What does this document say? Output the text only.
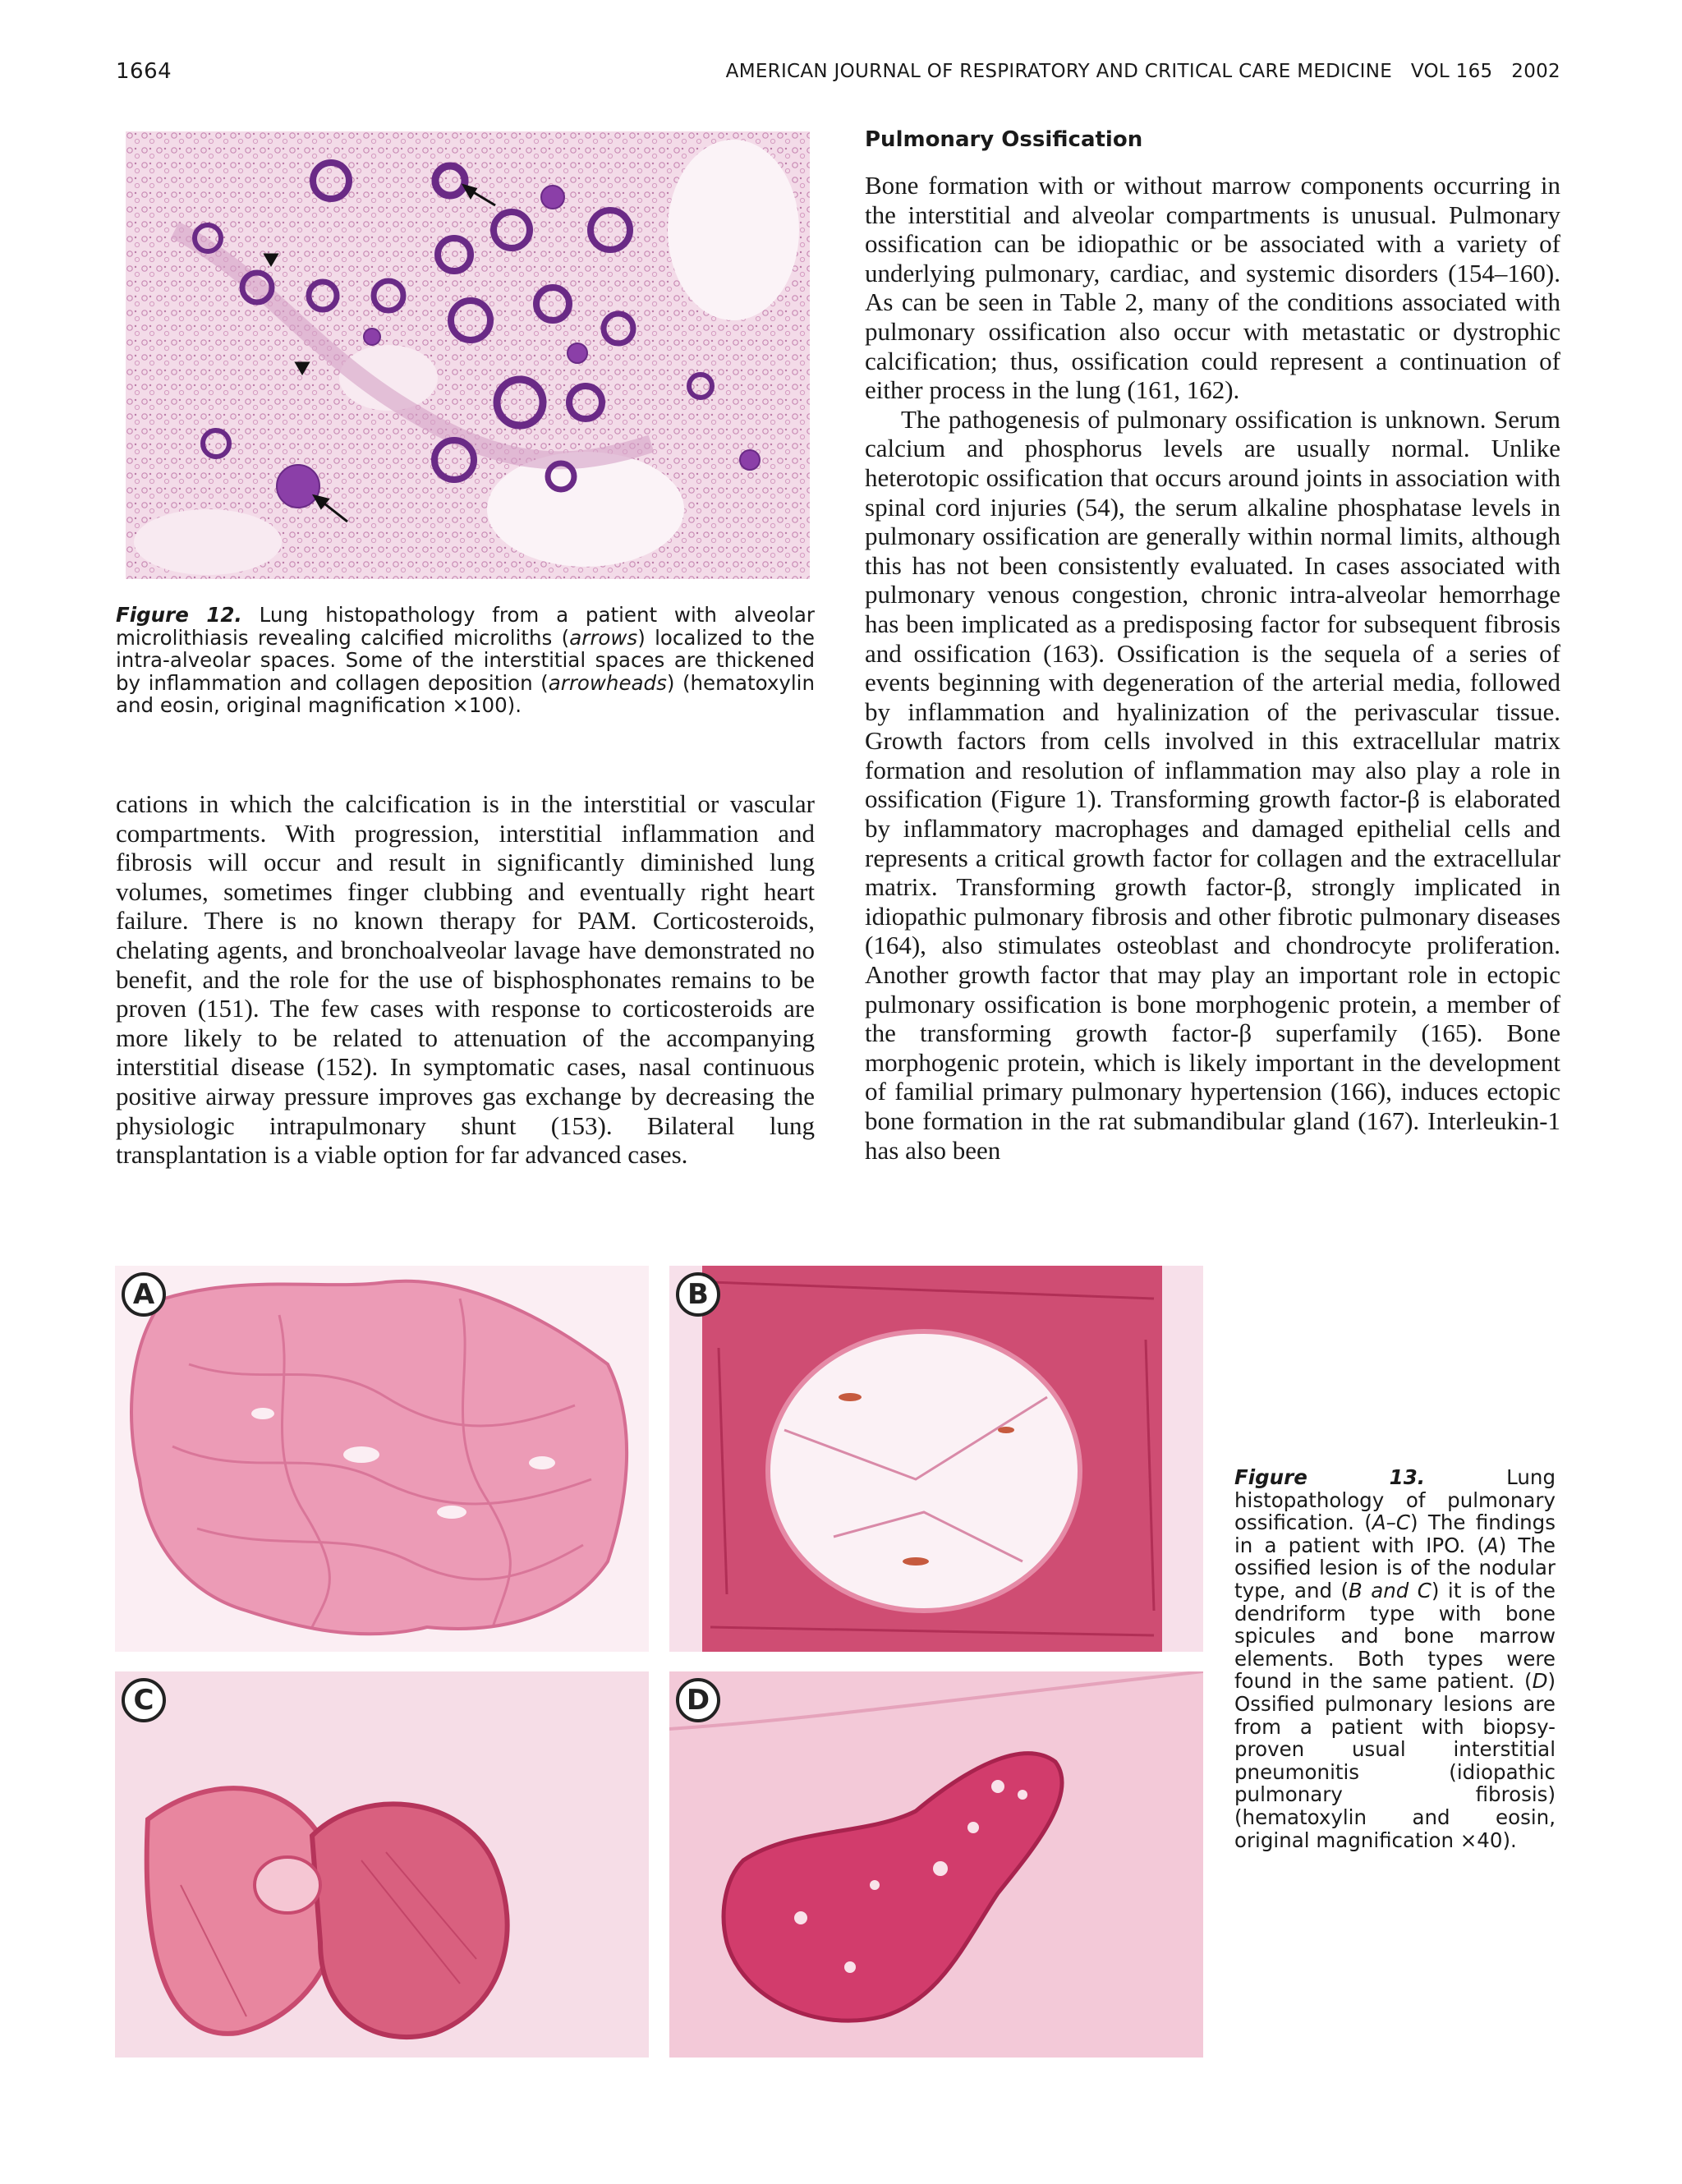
1664	AMERICAN JOURNAL OF RESPIRATORY AND CRITICAL CARE MEDICINE   VOL 165   2002
Figure 12. Lung histopathology from a patient with alveolar microlithiasis revealing calcified microliths (arrows) localized to the intra-alveolar spaces. Some of the interstitial spaces are thickened by inflammation and collagen deposition (arrowheads) (hematoxylin and eosin, original magnification ×100).

cations in which the calcification is in the interstitial or vascular compartments. With progression, interstitial inflammation and fibrosis will occur and result in significantly diminished lung volumes, sometimes finger clubbing and eventually right heart failure. There is no known therapy for PAM. Corticosteroids, chelating agents, and bronchoalveolar lavage have demonstrated no benefit, and the role for the use of bisphosphonates remains to be proven (151). The few cases with response to corticosteroids are more likely to be related to attenuation of the accompanying interstitial disease (152). In symptomatic cases, nasal continuous positive airway pressure improves gas exchange by decreasing the physiologic intrapulmonary shunt (153). Bilateral lung transplantation is a viable option for far advanced cases.

Pulmonary Ossification

Bone formation with or without marrow components occurring in the interstitial and alveolar compartments is unusual. Pulmonary ossification can be idiopathic or be associated with a variety of underlying pulmonary, cardiac, and systemic disorders (154–160). As can be seen in Table 2, many of the conditions associated with pulmonary ossification also occur with metastatic or dystrophic calcification; thus, ossification could represent a continuation of either process in the lung (161, 162).

The pathogenesis of pulmonary ossification is unknown. Serum calcium and phosphorus levels are usually normal. Unlike heterotopic ossification that occurs around joints in association with spinal cord injuries (54), the serum alkaline phosphatase levels in pulmonary ossification are generally within normal limits, although this has not been consistently evaluated. In cases associated with pulmonary venous congestion, chronic intra-alveolar hemorrhage has been implicated as a predisposing factor for subsequent fibrosis and ossification (163). Ossification is the sequela of a series of events beginning with degeneration of the arterial media, followed by inflammation and hyalinization of the perivascular tissue. Growth factors from cells involved in this extracellular matrix formation and resolution of inflammation may also play a role in ossification (Figure 1). Transforming growth factor-β is elaborated by inflammatory macrophages and damaged epithelial cells and represents a critical growth factor for collagen and the extracellular matrix. Transforming growth factor-β, strongly implicated in idiopathic pulmonary fibrosis and other fibrotic pulmonary diseases (164), also stimulates osteoblast and chondrocyte proliferation. Another growth factor that may play an important role in ectopic pulmonary ossification is bone morphogenic protein, a member of the transforming growth factor-β superfamily (165). Bone morphogenic protein, which is likely important in the development of familial primary pulmonary hypertension (166), induces ectopic bone formation in the rat submandibular gland (167). Interleukin-1 has also been

A	B
C	D
Figure 13. Lung histopathology of pulmonary ossification. (A–C) The findings in a patient with IPO. (A) The ossified lesion is of the nodular type, and (B and C) it is of the dendriform type with bone spicules and bone marrow elements. Both types were found in the same patient. (D) Ossified pulmonary lesions are from a patient with biopsy-proven usual interstitial pneumonitis (idiopathic pulmonary fibrosis) (hematoxylin and eosin, original magnification ×40).
